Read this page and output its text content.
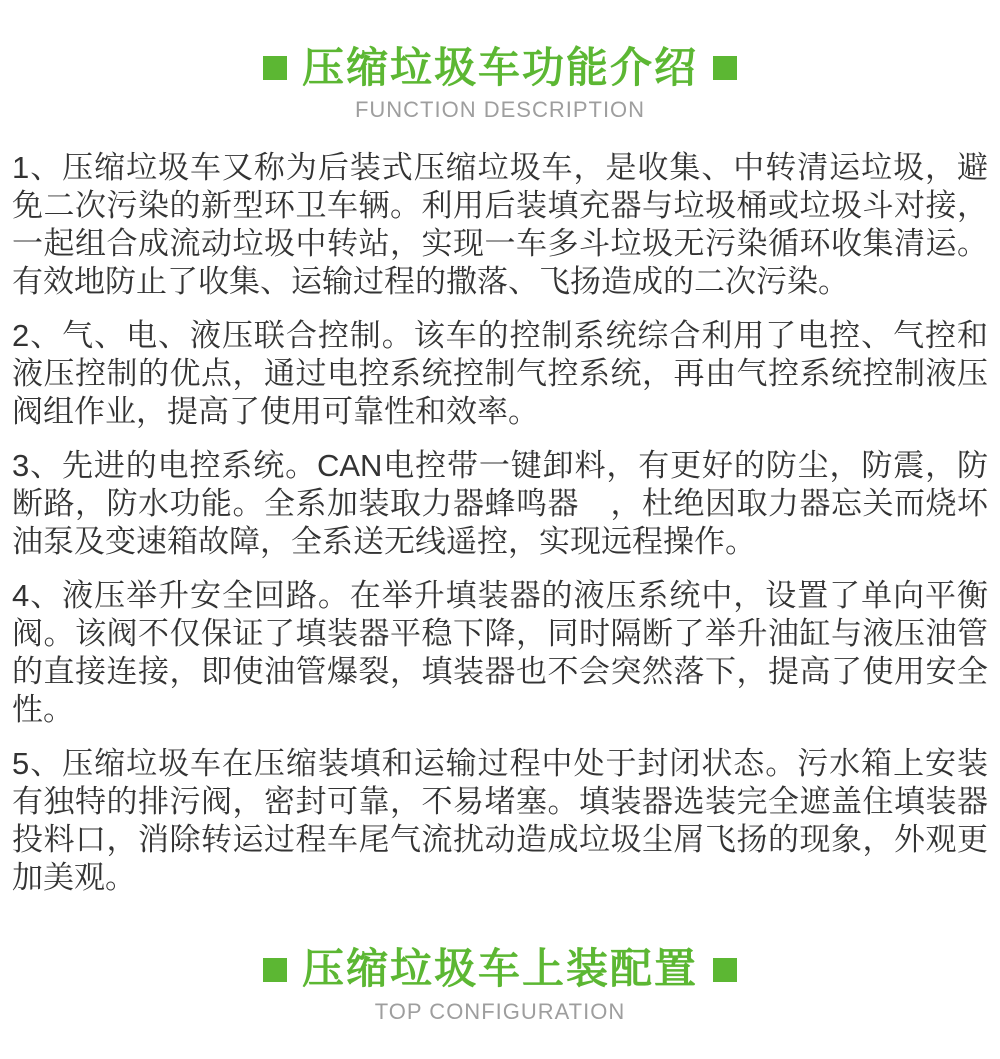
压缩垃圾车功能介绍
FUNCTION DESCRIPTION

1、压缩垃圾车又称为后装式压缩垃圾车，是收集、中转清运垃圾，避免二次污染的新型环卫车辆。利用后装填充器与垃圾桶或垃圾斗对接，一起组合成流动垃圾中转站，实现一车多斗垃圾无污染循环收集清运。有效地防止了收集、运输过程的撒落、飞扬造成的二次污染。

2、气、电、液压联合控制。该车的控制系统综合利用了电控、气控和液压控制的优点，通过电控系统控制气控系统，再由气控系统控制液压阀组作业，提高了使用可靠性和效率。

3、先进的电控系统。CAN电控带一键卸料，有更好的防尘，防震，防断路，防水功能。全系加装取力器蜂鸣器　，杜绝因取力器忘关而烧坏油泵及变速箱故障，全系送无线遥控，实现远程操作。

4、液压举升安全回路。在举升填装器的液压系统中，设置了单向平衡阀。该阀不仅保证了填装器平稳下降，同时隔断了举升油缸与液压油管的直接连接，即使油管爆裂，填装器也不会突然落下，提高了使用安全性。

5、压缩垃圾车在压缩装填和运输过程中处于封闭状态。污水箱上安装有独特的排污阀，密封可靠，不易堵塞。填装器选装完全遮盖住填装器投料口，消除转运过程车尾气流扰动造成垃圾尘屑飞扬的现象，外观更加美观。

压缩垃圾车上装配置
TOP CONFIGURATION
